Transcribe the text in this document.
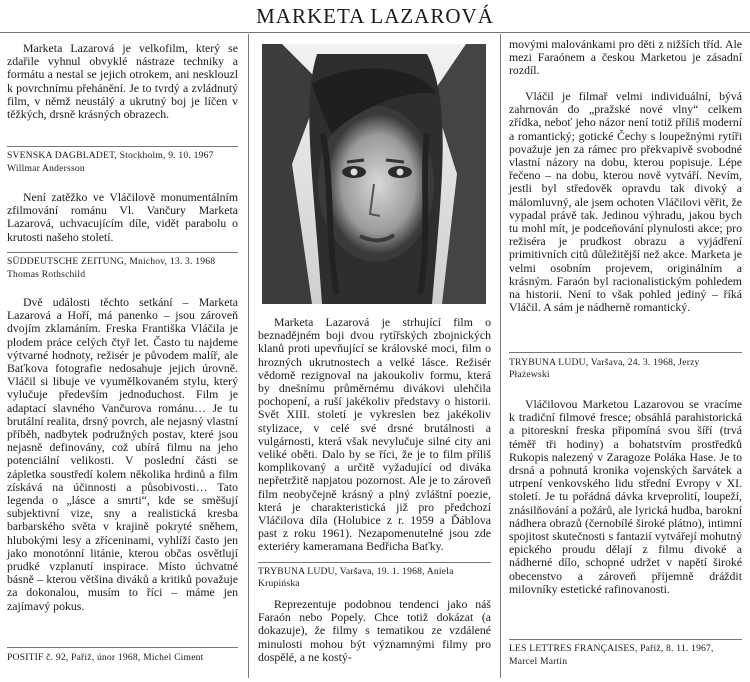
MARKETA LAZAROVÁ

Marketa Lazarová je velkofilm, který se zdařile vyhnul obvyklé nástraze techniky a formátu a nestal se jejich otrokem, ani nesklouzl k povrchnímu přehánění. Je to tvrdý a zvládnutý film, v němž neustálý a ukrutný boj je líčen v těžkých, drsně krásných obrazech.

SVENSKA DAGBLADET, Stockholm, 9. 10. 1967

Willmar Andersson

Není zatěžko ve Vláčilově monumentálním zfilmování románu Vl. Vančury Marketa Lazarová, uchvacujícím díle, vidět parabolu o krutosti našeho století.

SÜDDEUTSCHE ZEITUNG, Mnichov, 13. 3. 1968

Thomas Rothschild

Dvě události těchto setkání – Marketa Lazarová a Hoří, má panenko – jsou zároveň dvojím zklamáním. Freska Františka Vláčila je plodem práce celých čtyř let. Často tu najdeme výtvarné hodnoty, režisér je původem malíř, ale Baťkova fotografie nedosahuje jejich úrovně. Vláčil si libuje ve vyumělkovaném stylu, který vylučuje především jednoduchost. Film je adaptací slavného Vančurova románu… Je tu brutální realita, drsný povrch, ale nejasný vlastní příběh, nadbytek podružných postav, které jsou nejasně definovány, což ubírá filmu na jeho potenciální velikosti. V poslední části se zápletka soustředí kolem několika hrdinů a film získává na účinnosti a působivosti… Tato legenda o „lásce a smrti“, kde se směšují subjektivní vize, sny a realistická kresba barbarského světa v krajině pokryté sněhem, hlubokými lesy a zříceninami, vyhlíží často jen jako monotónní litánie, kterou občas osvětlují prudké vzplanutí inspirace. Místo úchvatné básně – kterou většina diváků a kritiků považuje za dokonalou, musím to říci – máme jen zajímavý pokus.

POSITIF č. 92, Paříž, únor 1968, Michel Ciment

Marketa Lazarová je strhující film o beznadějném boji dvou rytířských zbojnických klanů proti upevňující se královské moci, film o hrozných ukrutnostech a velké lásce. Režisér vědomě rezignoval na jakoukoliv formu, která by dnešnímu průměrnému divákovi ulehčila pochopení, a ruší jakékoliv představy o historii. Svět XIII. století je vykreslen bez jakékoliv stylizace, v celé své drsné brutálnosti a vulgárnosti, která však nevylučuje silné city ani veliké oběti. Dalo by se říci, že je to film příliš komplikovaný a určitě vyžadující od diváka nepřetržitě napjatou pozornost. Ale je to zároveň film neobyčejně krásný a plný zvláštní poezie, která je charakteristická již pro předchozí Vláčilova díla (Holubice z r. 1959 a Ďáblova past z roku 1961). Nezapomenutelné jsou zde exteriéry kameramana Bedřicha Baťky.

TRYBUNA LUDU, Varšava, 19. 1. 1968, Aniela Krupińska

Reprezentuje podobnou tendenci jako náš Faraón nebo Popely. Chce totiž dokázat (a dokazuje), že filmy s tematikou ze vzdálené minulosti mohou být významnými filmy pro dospělé, a ne kostý-

movými malovánkami pro děti z nižších tříd. Ale mezi Faraónem a českou Marketou je zásadní rozdíl.

Vláčil je filmař velmi individuální, bývá zahrnován do „pražské nové vlny“ celkem zřídka, neboť jeho názor není totiž příliš moderní a romantický; gotické Čechy s loupežnými rytíři považuje jen za rámec pro překvapivě svobodné vlastní názory na dobu, kterou popisuje. Lépe řečeno – na dobu, kterou nově vytváří. Nevím, jestli byl středověk opravdu tak divoký a málomluvný, ale jsem ochoten Vláčilovi věřit, že vypadal právě tak. Jedinou výhradu, jakou bych tu mohl mít, je podceňování plynulosti akce; pro režiséra je prudkost obrazu a vyjádření primitivních citů důležitější než akce. Marketa je velmi osobním projevem, originálním a krásným. Faraón byl racionalistickým pohledem na historii. Není to však pohled jediný – říká Vláčil. A sám je nádherně romantický.

TRYBUNA LUDU, Varšava, 24. 3. 1968, Jerzy Płażewski

Vláčilovou Marketou Lazarovou se vracíme k tradiční filmové fresce; obsáhlá parahistorická a pitoreskní freska připomíná svou šíří (trvá téměř tři hodiny) a bohatstvím prostředků Rukopis nalezený v Zaragoze Poláka Hase. Je to drsná a pohnutá kronika vojenských šarvátek a utrpení venkovského lidu střední Evropy v XI. století. Je tu pořádná dávka krveprolití, loupeží, znásilňování a požárů, ale lyrická hudba, barokní nádhera obrazů (černobílé široké plátno), intimní spojitost skutečnosti s fantazií vytvářejí mohutný epického proudu dělají z filmu divoké a nádherné dílo, schopné udržet v napětí široké obecenstvo a zároveň příjemně dráždit milovníky estetické rafinovanosti.

LES LETTRES FRANÇAISES, Paříž, 8. 11. 1967,

Marcel Martin
